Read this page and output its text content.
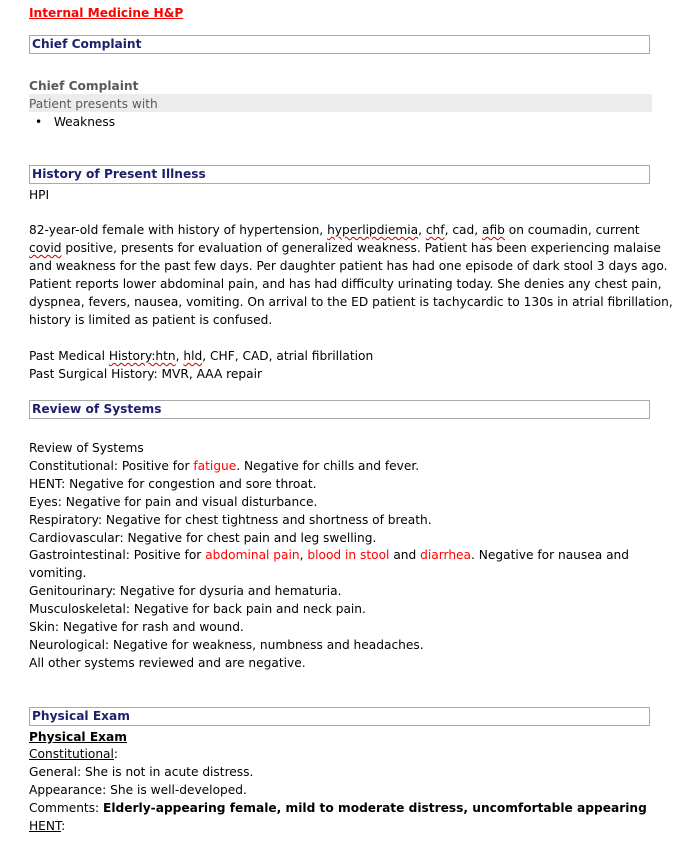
Internal Medicine H&P
Chief Complaint
Chief Complaint
Patient presents with
• Weakness
History of Present Illness
HPI

82-year-old female with history of hypertension, hyperlipdiemia, chf, cad, afib on coumadin, current

covid positive, presents for evaluation of generalized weakness. Patient has been experiencing malaise

and weakness for the past few days. Per daughter patient has had one episode of dark stool 3 days ago.

Patient reports lower abdominal pain, and has had difficulty urinating today. She denies any chest pain,

dyspnea, fevers, nausea, vomiting. On arrival to the ED patient is tachycardic to 130s in atrial fibrillation,

history is limited as patient is confused.

Past Medical History:htn, hld, CHF, CAD, atrial fibrillation
Past Surgical History: MVR, AAA repair
Review of Systems
Review of Systems
Constitutional: Positive for fatigue. Negative for chills and fever.
HENT: Negative for congestion and sore throat.
Eyes: Negative for pain and visual disturbance.
Respiratory: Negative for chest tightness and shortness of breath.
Cardiovascular: Negative for chest pain and leg swelling.
Gastrointestinal: Positive for abdominal pain, blood in stool and diarrhea. Negative for nausea and
vomiting.
Genitourinary: Negative for dysuria and hematuria.
Musculoskeletal: Negative for back pain and neck pain.
Skin: Negative for rash and wound.
Neurological: Negative for weakness, numbness and headaches.
All other systems reviewed and are negative.
Physical Exam
Physical Exam
Constitutional:
General: She is not in acute distress.
Appearance: She is well-developed.
Comments: Elderly-appearing female, mild to moderate distress, uncomfortable appearing
HENT:
